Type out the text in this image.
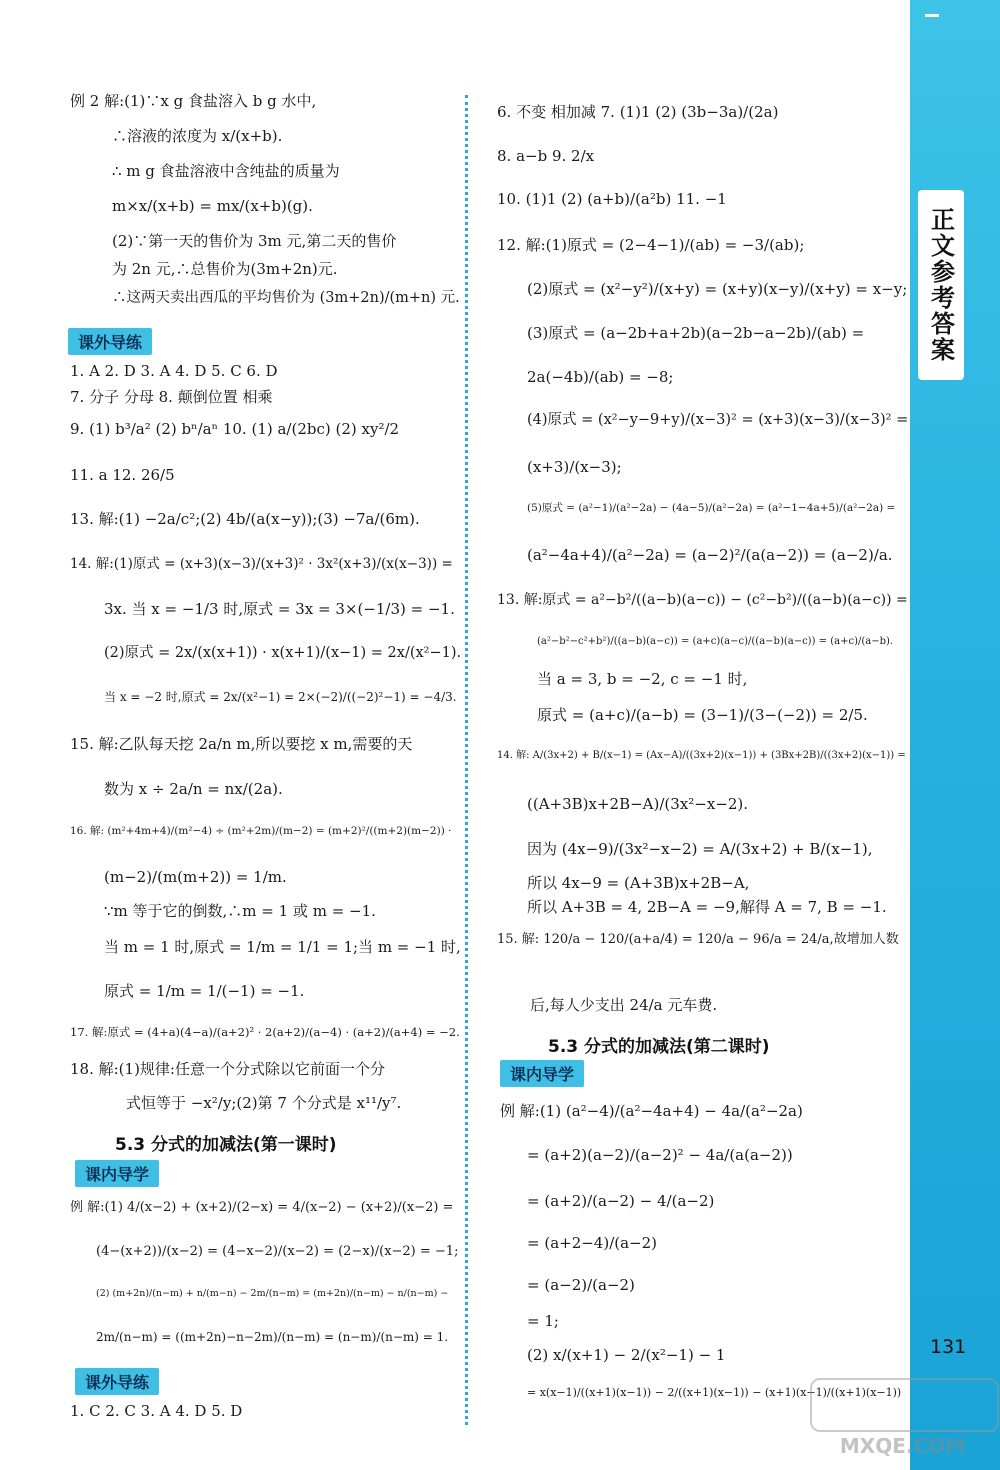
正文参考答案
131
例 2 解:(1)∵x g 食盐溶入 b g 水中,
∴溶液的浓度为 x/(x+b).
∴ m g 食盐溶液中含纯盐的质量为
m×x/(x+b) = mx/(x+b)(g).
(2)∵第一天的售价为 3m 元,第二天的售价
为 2n 元,∴总售价为(3m+2n)元.
∴这两天卖出西瓜的平均售价为 (3m+2n)/(m+n) 元.
课外导练
1. A 2. D 3. A 4. D 5. C 6. D
7. 分子 分母 8. 颠倒位置 相乘
9. (1) b³/a² (2) bⁿ/aⁿ 10. (1) a/(2bc) (2) xy²/2
11. a 12. 26/5
13. 解:(1) −2a/c²;(2) 4b/(a(x−y));(3) −7a/(6m).
14. 解:(1)原式 = (x+3)(x−3)/(x+3)² · 3x²(x+3)/(x(x−3)) =
3x. 当 x = −1/3 时,原式 = 3x = 3×(−1/3) = −1.
(2)原式 = 2x/(x(x+1)) · x(x+1)/(x−1) = 2x/(x²−1).
当 x = −2 时,原式 = 2x/(x²−1) = 2×(−2)/((−2)²−1) = −4/3.
15. 解:乙队每天挖 2a/n m,所以要挖 x m,需要的天
数为 x ÷ 2a/n = nx/(2a).
16. 解: (m²+4m+4)/(m²−4) ÷ (m²+2m)/(m−2) = (m+2)²/((m+2)(m−2)) ·
(m−2)/(m(m+2)) = 1/m.
∵m 等于它的倒数,∴m = 1 或 m = −1.
当 m = 1 时,原式 = 1/m = 1/1 = 1;当 m = −1 时,
原式 = 1/m = 1/(−1) = −1.
17. 解:原式 = (4+a)(4−a)/(a+2)² · 2(a+2)/(a−4) · (a+2)/(a+4) = −2.
18. 解:(1)规律:任意一个分式除以它前面一个分
式恒等于 −x²/y;(2)第 7 个分式是 x¹¹/y⁷.
5.3 分式的加减法(第一课时)
课内导学
例 解:(1) 4/(x−2) + (x+2)/(2−x) = 4/(x−2) − (x+2)/(x−2) =
(4−(x+2))/(x−2) = (4−x−2)/(x−2) = (2−x)/(x−2) = −1;
(2) (m+2n)/(n−m) + n/(m−n) − 2m/(n−m) = (m+2n)/(n−m) − n/(n−m) −
2m/(n−m) = ((m+2n)−n−2m)/(n−m) = (n−m)/(n−m) = 1.
课外导练
1. C 2. C 3. A 4. D 5. D
6. 不变 相加减 7. (1)1 (2) (3b−3a)/(2a)
8. a−b 9. 2/x
10. (1)1 (2) (a+b)/(a²b) 11. −1
12. 解:(1)原式 = (2−4−1)/(ab) = −3/(ab);
(2)原式 = (x²−y²)/(x+y) = (x+y)(x−y)/(x+y) = x−y;
(3)原式 = (a−2b+a+2b)(a−2b−a−2b)/(ab) =
2a(−4b)/(ab) = −8;
(4)原式 = (x²−y−9+y)/(x−3)² = (x+3)(x−3)/(x−3)² =
(x+3)/(x−3);
(5)原式 = (a²−1)/(a²−2a) − (4a−5)/(a²−2a) = (a²−1−4a+5)/(a²−2a) =
(a²−4a+4)/(a²−2a) = (a−2)²/(a(a−2)) = (a−2)/a.
13. 解:原式 = a²−b²/((a−b)(a−c)) − (c²−b²)/((a−b)(a−c)) =
(a²−b²−c²+b²)/((a−b)(a−c)) = (a+c)(a−c)/((a−b)(a−c)) = (a+c)/(a−b).
当 a = 3, b = −2, c = −1 时,
原式 = (a+c)/(a−b) = (3−1)/(3−(−2)) = 2/5.
14. 解: A/(3x+2) + B/(x−1) = (Ax−A)/((3x+2)(x−1)) + (3Bx+2B)/((3x+2)(x−1)) =
((A+3B)x+2B−A)/(3x²−x−2).
因为 (4x−9)/(3x²−x−2) = A/(3x+2) + B/(x−1),
所以 4x−9 = (A+3B)x+2B−A,
所以 A+3B = 4, 2B−A = −9,解得 A = 7, B = −1.
15. 解: 120/a − 120/(a+a/4) = 120/a − 96/a = 24/a,故增加人数
后,每人少支出 24/a 元车费.
5.3 分式的加减法(第二课时)
课内导学
例 解:(1) (a²−4)/(a²−4a+4) − 4a/(a²−2a)
= (a+2)(a−2)/(a−2)² − 4a/(a(a−2))
= (a+2)/(a−2) − 4/(a−2)
= (a+2−4)/(a−2)
= (a−2)/(a−2)
= 1;
(2) x/(x+1) − 2/(x²−1) − 1
= x(x−1)/((x+1)(x−1)) − 2/((x+1)(x−1)) − (x+1)(x−1)/((x+1)(x−1))
MXQE.COM
